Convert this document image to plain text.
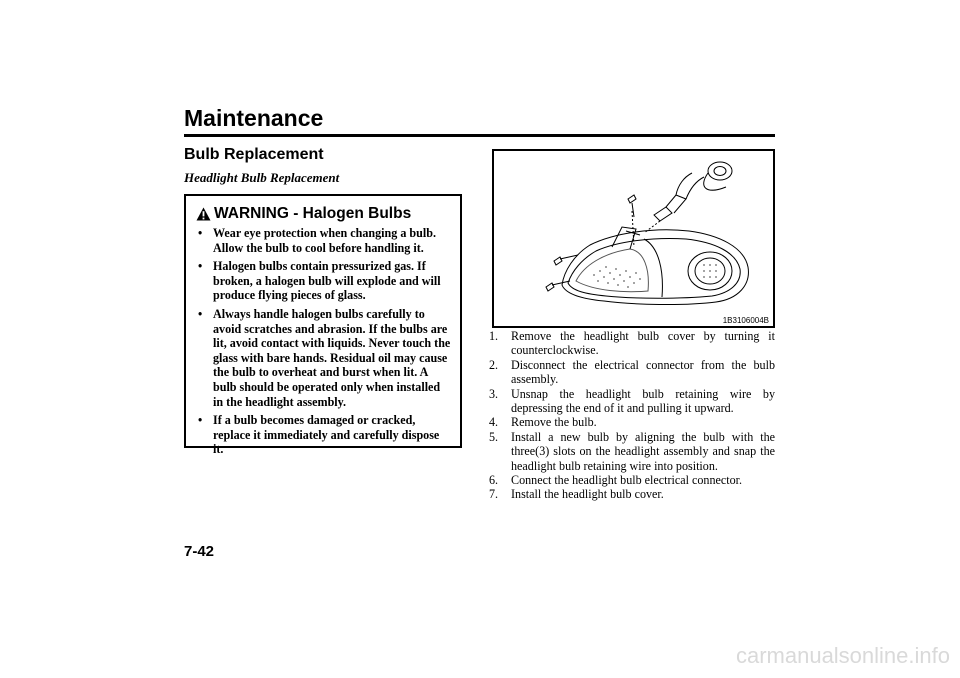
Maintenance
Bulb Replacement
Headlight Bulb Replacement
WARNING - Halogen Bulbs
• Wear eye protection when changing a bulb. Allow the bulb to cool before handling it.
• Halogen bulbs contain pressurized gas. If broken, a halogen bulb will explode and will produce flying pieces of glass.
• Always handle halogen bulbs carefully to avoid scratches and abrasion. If the bulbs are lit, avoid contact with liquids. Never touch the glass with bare hands. Residual oil may cause the bulb to overheat and burst when lit. A bulb should be operated only when installed in the headlight assembly.
• If a bulb becomes damaged or cracked, replace it immediately and carefully dispose it.
1B3106004B
1. Remove the headlight bulb cover by turning it counterclockwise.
2. Disconnect the electrical connector from the bulb assembly.
3. Unsnap the headlight bulb retaining wire by depressing the end of it and pulling it upward.
4. Remove the bulb.
5. Install a new bulb by aligning the bulb with the three(3) slots on the headlight assembly and snap the headlight bulb retaining wire into position.
6. Connect the headlight bulb electrical connector.
7. Install the headlight bulb cover.
7-42
carmanualsonline.info
